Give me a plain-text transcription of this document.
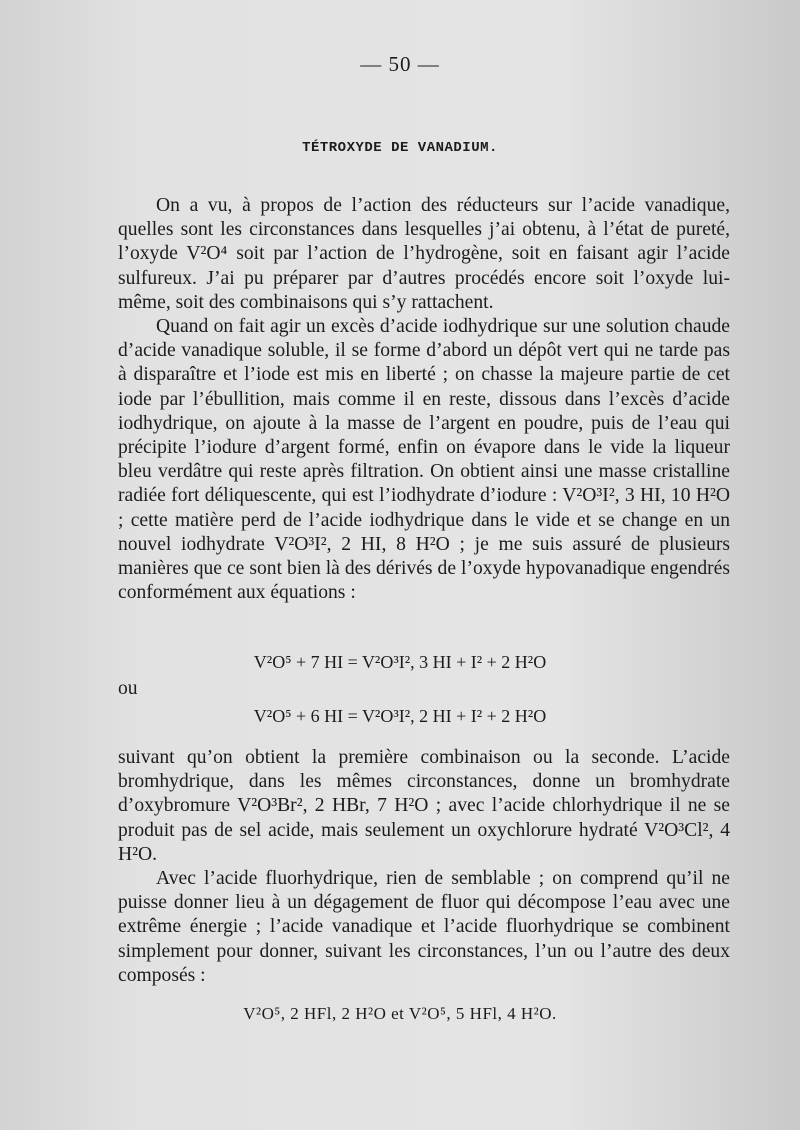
— 50 —
TÉTROXYDE DE VANADIUM.

On a vu, à propos de l’action des réducteurs sur l’acide vanadique, quelles sont les circonstances dans lesquelles j’ai obtenu, à l’état de pureté, l’oxyde V²O⁴ soit par l’action de l’hydrogène, soit en faisant agir l’acide sulfureux. J’ai pu préparer par d’autres procédés encore soit l’oxyde lui-même, soit des combinaisons qui s’y rattachent.

Quand on fait agir un excès d’acide iodhydrique sur une solution chaude d’acide vanadique soluble, il se forme d’abord un dépôt vert qui ne tarde pas à disparaître et l’iode est mis en liberté ; on chasse la majeure partie de cet iode par l’ébullition, mais comme il en reste, dissous dans l’excès d’acide iodhydrique, on ajoute à la masse de l’argent en poudre, puis de l’eau qui précipite l’iodure d’argent formé, enfin on évapore dans le vide la liqueur bleu verdâtre qui reste après filtration. On obtient ainsi une masse cristalline radiée fort déliquescente, qui est l’iodhydrate d’iodure : V²O³I², 3 HI, 10 H²O ; cette matière perd de l’acide iodhydrique dans le vide et se change en un nouvel iodhydrate V²O³I², 2 HI, 8 H²O ; je me suis assuré de plusieurs manières que ce sont bien là des dérivés de l’oxyde hypovanadique engendrés conformément aux équations :

V²O⁵ + 7 HI = V²O³I², 3 HI + I² + 2 H²O
ou
V²O⁵ + 6 HI = V²O³I², 2 HI + I² + 2 H²O

suivant qu’on obtient la première combinaison ou la seconde. L’acide bromhydrique, dans les mêmes circonstances, donne un bromhydrate d’oxybromure V²O³Br², 2 HBr, 7 H²O ; avec l’acide chlorhydrique il ne se produit pas de sel acide, mais seulement un oxychlorure hydraté V²O³Cl², 4 H²O.

Avec l’acide fluorhydrique, rien de semblable ; on comprend qu’il ne puisse donner lieu à un dégagement de fluor qui décompose l’eau avec une extrême énergie ; l’acide vanadique et l’acide fluorhydrique se combinent simplement pour donner, suivant les circonstances, l’un ou l’autre des deux composés :

V²O⁵, 2 HFl, 2 H²O et V²O⁵, 5 HFl, 4 H²O.
